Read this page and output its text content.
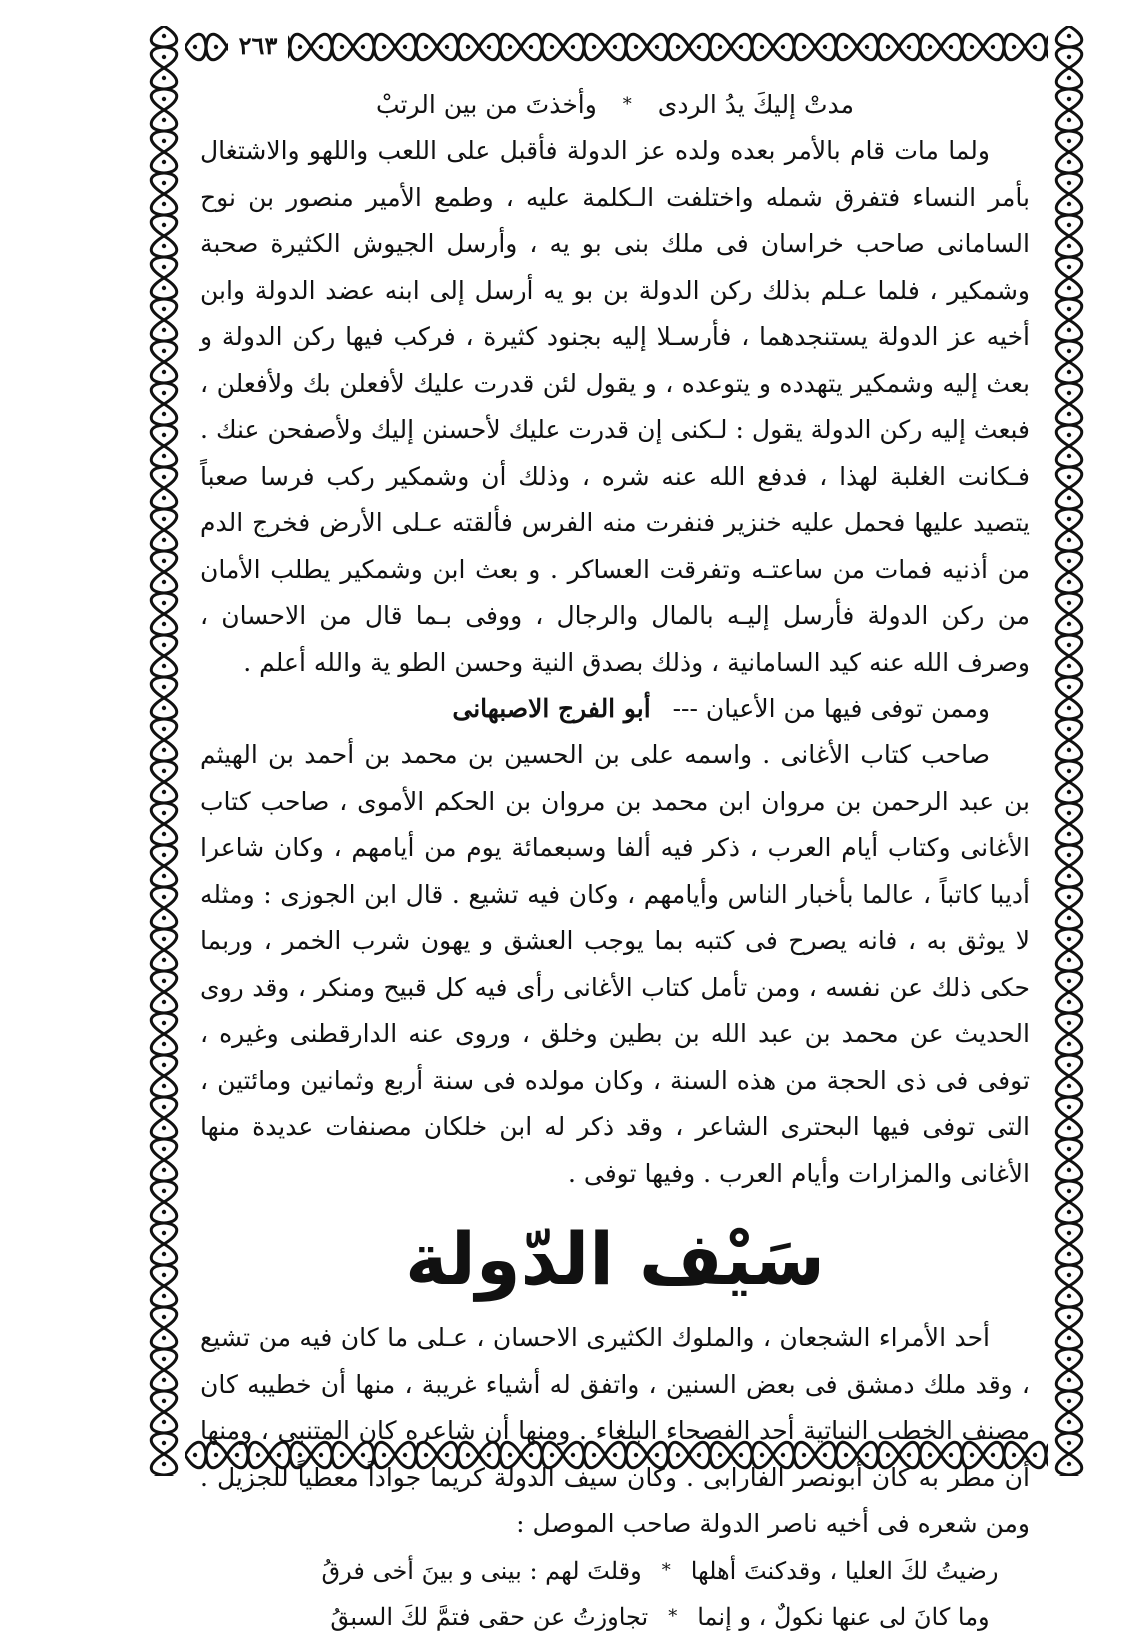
٢٦٣
مدتْ إليكَ يدُ الردى
*
وأخذتَ من بين الرتبْ

ولما مات قام بالأمر بعده ولده عز الدولة فأقبل على اللعب واللهو والاشتغال بأمر النساء فتفرق شمله واختلفت الـكلمة عليه ، وطمع الأمير منصور بن نوح السامانى صاحب خراسان فى ملك بنى بو يه ، وأرسل الجيوش الكثيرة صحبة وشمكير ، فلما عـلم بذلك ركن الدولة بن بو يه أرسل إلى ابنه عضد الدولة وابن أخيه عز الدولة يستنجدهما ، فأرسـلا إليه بجنود كثيرة ، فركب فيها ركن الدولة و بعث إليه وشمكير يتهدده و يتوعده ، و يقول لئن قدرت عليك لأفعلن بك ولأفعلن ، فبعث إليه ركن الدولة يقول : لـكنى إن قدرت عليك لأحسنن إليك ولأصفحن عنك . فـكانت الغلبة لهذا ، فدفع الله عنه شره ، وذلك أن وشمكير ركب فرسا صعباً يتصيد عليها فحمل عليه خنزير فنفرت منه الفرس فألقته عـلى الأرض فخرج الدم من أذنيه فمات من ساعتـه وتفرقت العساكر . و بعث ابن وشمكير يطلب الأمان من ركن الدولة فأرسل إليـه بالمال والرجال ، ووفى بـما قال من الاحسان ، وصرف الله عنه كيد السامانية ، وذلك بصدق النية وحسن الطو ية والله أعلم .

وممن توفى فيها من الأعيان --- أبو الفرج الاصبهانى

صاحب كتاب الأغانى . واسمه على بن الحسين بن محمد بن أحمد بن الهيثم بن عبد الرحمن بن مروان ابن محمد بن مروان بن الحكم الأموى ، صاحب كتاب الأغانى وكتاب أيام العرب ، ذكر فيه ألفا وسبعمائة يوم من أيامهم ، وكان شاعرا أديبا كاتباً ، عالما بأخبار الناس وأيامهم ، وكان فيه تشيع . قال ابن الجوزى : ومثله لا يوثق به ، فانه يصرح فى كتبه بما يوجب العشق و يهون شرب الخمر ، وربما حكى ذلك عن نفسه ، ومن تأمل كتاب الأغانى رأى فيه كل قبيح ومنكر ، وقد روى الحديث عن محمد بن عبد الله بن بطين وخلق ، وروى عنه الدارقطنى وغيره ، توفى فى ذى الحجة من هذه السنة ، وكان مولده فى سنة أربع وثمانين ومائتين ، التى توفى فيها البحترى الشاعر ، وقد ذكر له ابن خلكان مصنفات عديدة منها الأغانى والمزارات وأيام العرب . وفيها توفى .

سَيْف الدّولة

أحد الأمراء الشجعان ، والملوك الكثيرى الاحسان ، عـلى ما كان فيه من تشيع ، وقد ملك دمشق فى بعض السنين ، واتفق له أشياء غريبة ، منها أن خطيبه كان مصنف الخطب النباتية أحد الفصحاء البلغاء . ومنها أن شاعره كان المتنبى ، ومنها أن مطر به كان أبونصر الفارابى . وكان سيف الدولة كريما جواداً معطياً للجزيل . ومن شعره فى أخيه ناصر الدولة صاحب الموصل :

رضيتُ لكَ العليا ، وقدكنتَ أهلها
*
وقلتَ لهم : بينى و بينَ أخى فرقُ
وما كانَ لى عنها نكولٌ ، و إنما
*
تجاوزتُ عن حقى فتمَّ لكَ السبقُ
